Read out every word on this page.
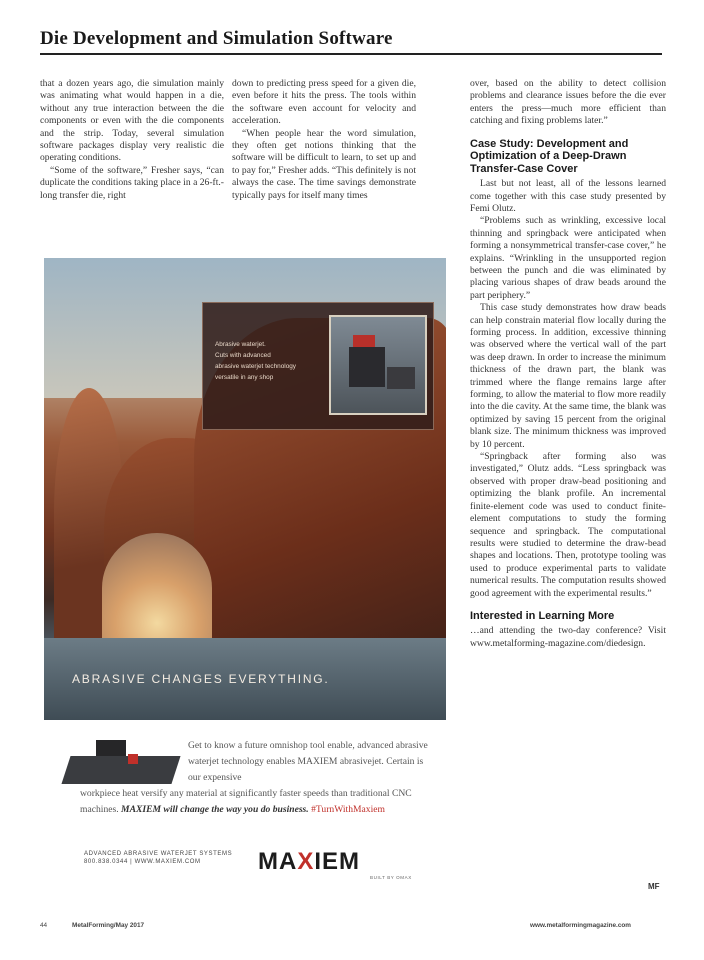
Die Development and Simulation Software

that a dozen years ago, die simulation mainly was animating what would happen in a die, without any true interaction between the die components or even with the die components and the strip. Today, several simulation software packages display very realistic die operating conditions.

“Some of the software,” Fresher says, “can duplicate the conditions taking place in a 26-ft.-long transfer die, right

down to predicting press speed for a given die, even before it hits the press. The tools within the software even account for velocity and acceleration.

“When people hear the word simulation, they often get notions thinking that the software will be difficult to learn, to set up and to pay for,” Fresher adds. “This definitely is not always the case. The time savings demonstrate typically pays for itself many times

over, based on the ability to detect collision problems and clearance issues before the die ever enters the press—much more efficient than catching and fixing problems later.”

Case Study: Development and Optimization of a Deep-Drawn Transfer-Case Cover

Last but not least, all of the lessons learned come together with this case study presented by Femi Olutz.

“Problems such as wrinkling, excessive local thinning and springback were anticipated when forming a nonsymmetrical transfer-case cover,” he explains. “Wrinkling in the unsupported region between the punch and die was eliminated by placing various shapes of draw beads around the part periphery.”

This case study demonstrates how draw beads can help constrain material flow locally during the forming process. In addition, excessive thinning was observed where the vertical wall of the part was deep drawn. In order to increase the minimum thickness of the drawn part, the blank was trimmed where the flange remains large after forming, to allow the material to flow more readily into the die cavity. At the same time, the blank was optimized by saving 15 percent from the original blank size. The minimum thickness was improved by 10 percent.

“Springback after forming also was investigated,” Olutz adds. “Less springback was observed with proper draw-bead positioning and optimizing the blank profile. An incremental finite-element code was used to conduct finite-element computations to study the forming sequence and springback. The computational results were studied to determine the draw-bead shapes and locations. Then, prototype tooling was used to produce experimental parts to validate numerical results. The computation results showed good agreement with the experimental results.”

Interested in Learning More

…and attending the two-day conference? Visit www.metalforming-magazine.com/diedesign.

MF
Abrasive waterjet.
Cuts with advanced
abrasive waterjet technology
versatile in any shop
ABRASIVE CHANGES EVERYTHING.
Get to know a future omnishop tool enable, advanced abrasive waterjet technology enables MAXIEM abrasivejet. Certain is our expensive
workpiece heat versify any material at significantly faster speeds than traditional CNC machines. MAXIEM will change the way you do business. #TurnWithMaxiem
ADVANCED ABRASIVE WATERJET SYSTEMS
800.838.0344 | WWW.MAXIEM.COM	MAXIEM
BUILT BY OMAX
44	MetalForming/May 2017	www.metalformingmagazine.com
